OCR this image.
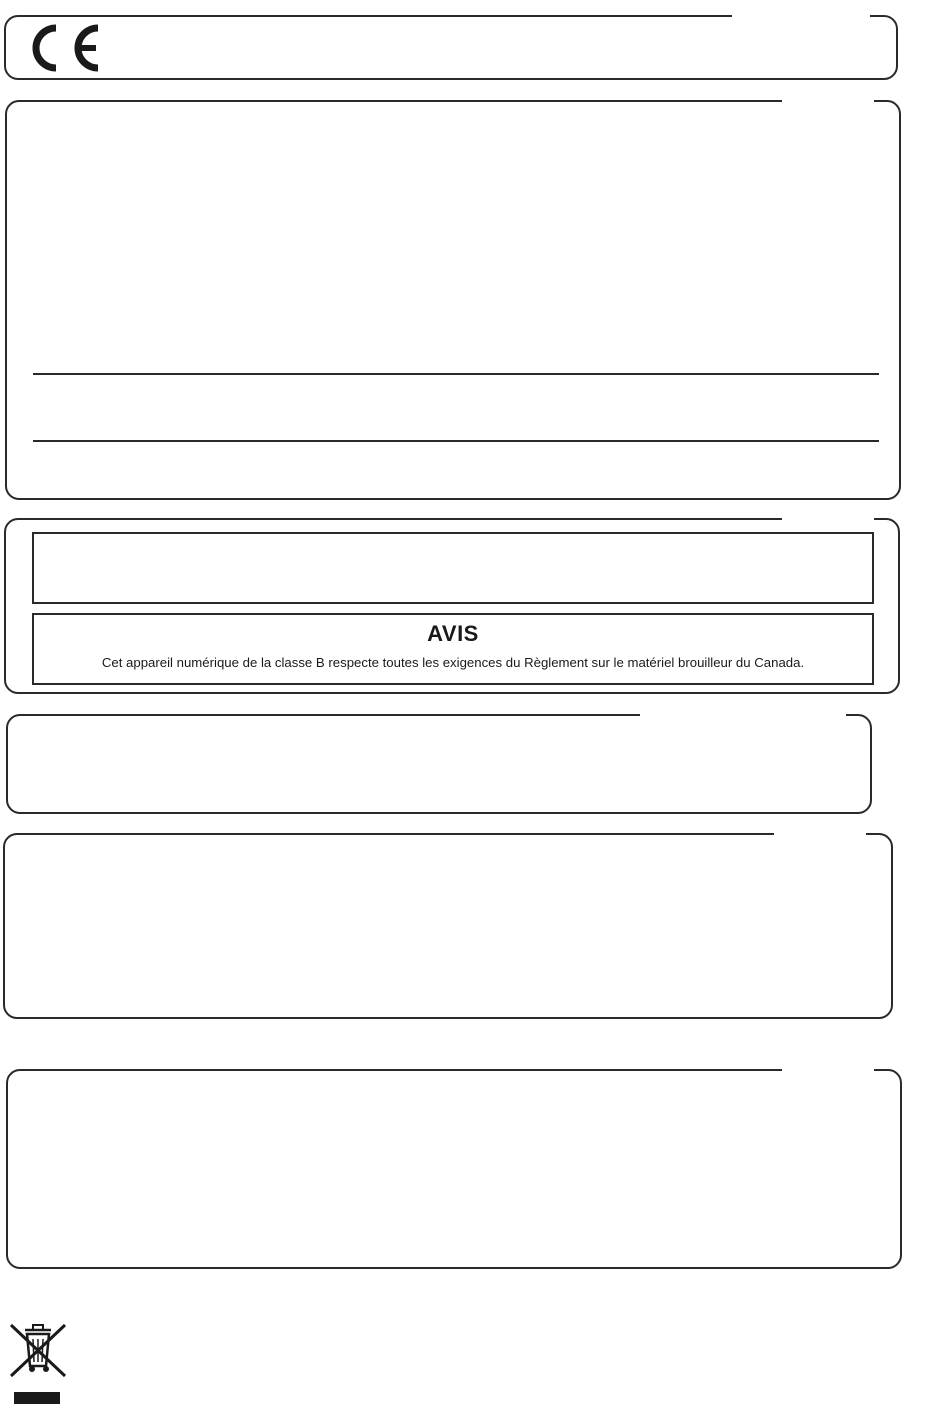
AVIS
Cet appareil numérique de la classe B respecte toutes les exigences du Règlement sur le matériel brouilleur du Canada.
